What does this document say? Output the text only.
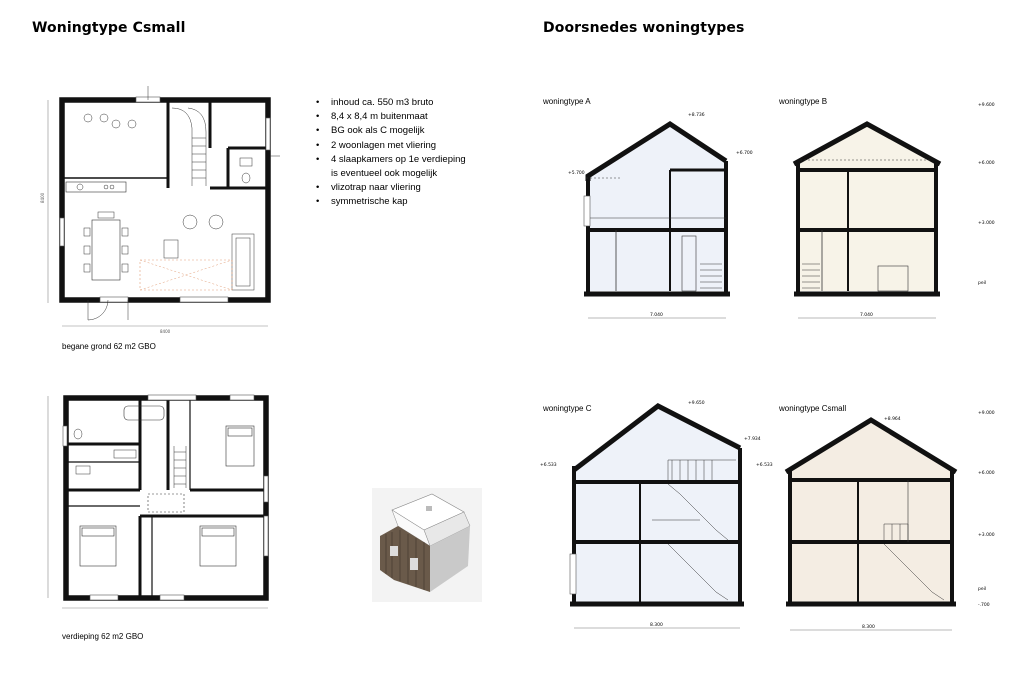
Woningtype Csmall
8400
8400
begane grond 62 m2 GBO
verdieping 62 m2 GBO
• inhoud ca. 550 m3 bruto
• 8,4 x 8,4 m buitenmaat
• BG ook als C mogelijk
• 2 woonlagen met vliering
• 4 slaapkamers op 1e verdieping
is eventueel ook mogelijk
• vlizotrap naar vliering
• symmetrische kap
Doorsnedes woningtypes
woningtype A
+5.700
+8.736
+6.700
7.040
woningtype B	+9.600
+6.000
+3.000
peil
7.040
woningtype C
+6.533
+9.650
+7.934
8.300
woningtype Csmall
+6.533
+8.964
+9.000
+6.000
+3.000
peil
-.700
8.300
